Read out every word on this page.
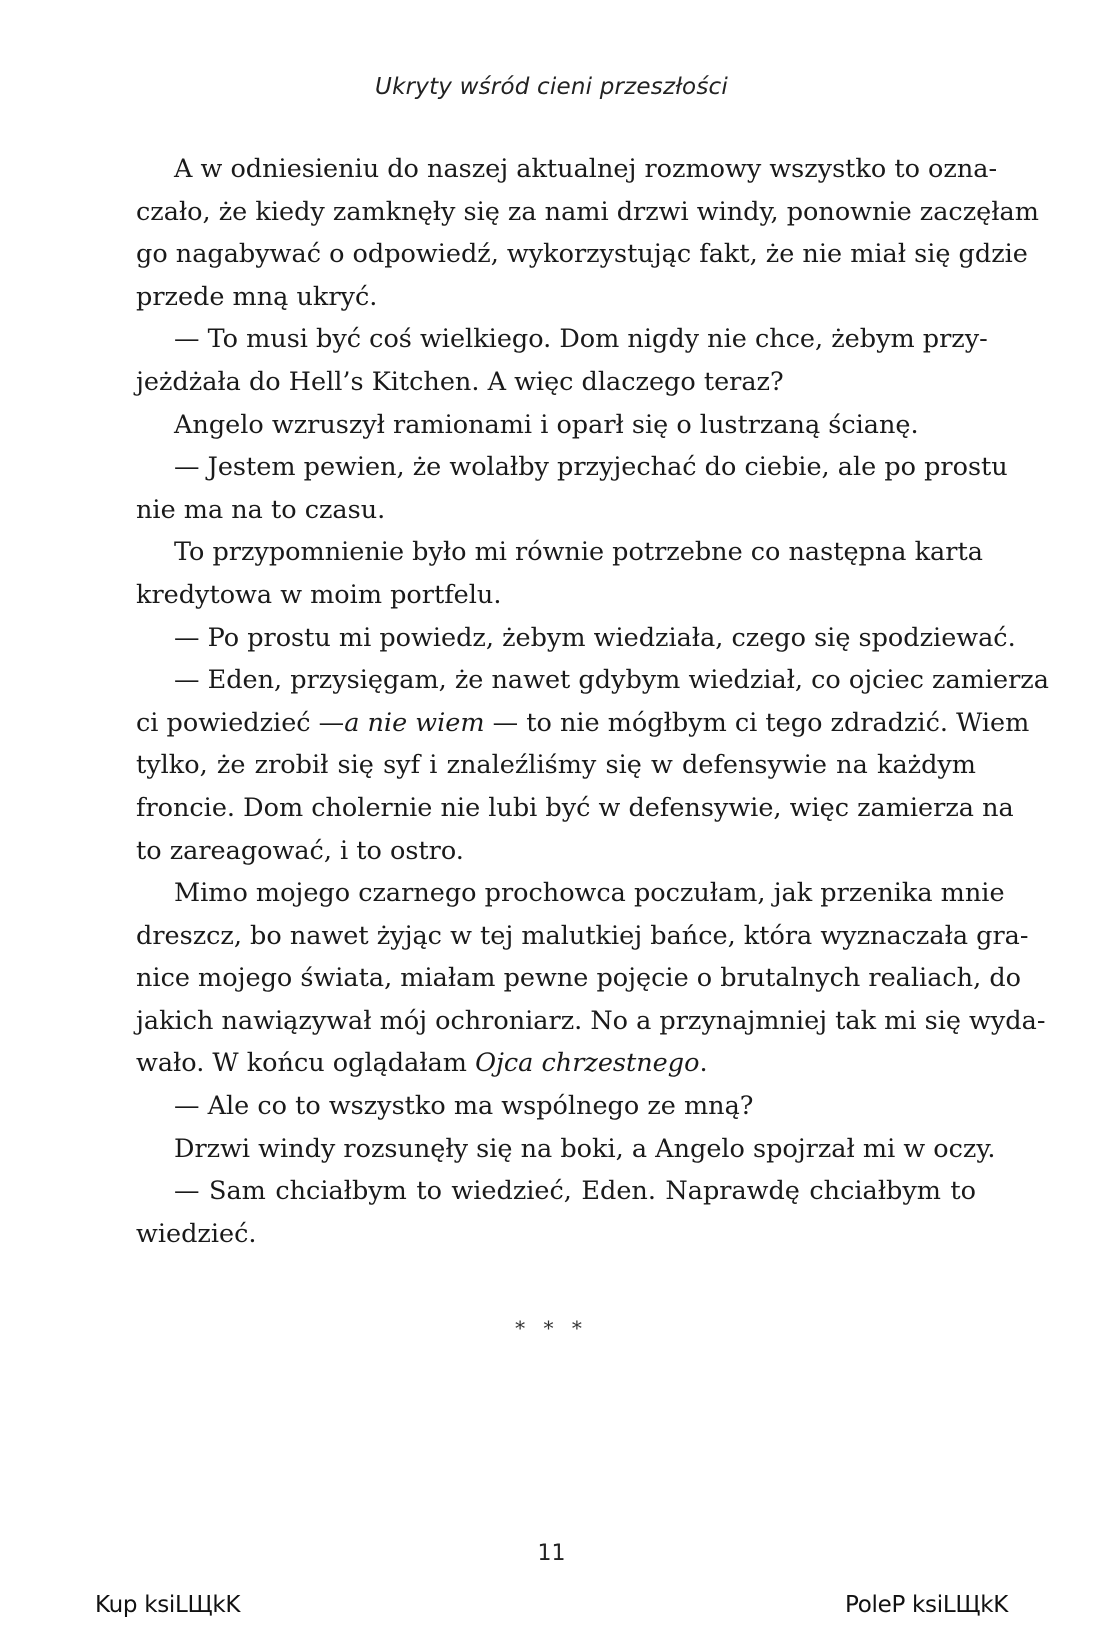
Ukryty wśród cieni przeszłości
A w odniesieniu do naszej aktualnej rozmowy wszystko to ozna-
czało, że kiedy zamknęły się za nami drzwi windy, ponownie zaczęłam
go nagabywać o odpowiedź, wykorzystując fakt, że nie miał się gdzie
przede mną ukryć.
— To musi być coś wielkiego. Dom nigdy nie chce, żebym przy-
jeżdżała do Hell’s Kitchen. A więc dlaczego teraz?
Angelo wzruszył ramionami i oparł się o lustrzaną ścianę.
— Jestem pewien, że wolałby przyjechać do ciebie, ale po prostu
nie ma na to czasu.
To przypomnienie było mi równie potrzebne co następna karta
kredytowa w moim portfelu.
— Po prostu mi powiedz, żebym wiedziała, czego się spodziewać.
— Eden, przysięgam, że nawet gdybym wiedział, co ojciec zamierza
ci powiedzieć —a nie wiem — to nie mógłbym ci tego zdradzić. Wiem
tylko, że zrobił się syf i znaleźliśmy się w defensywie na każdym
froncie. Dom cholernie nie lubi być w defensywie, więc zamierza na
to zareagować, i to ostro.
Mimo mojego czarnego prochowca poczułam, jak przenika mnie
dreszcz, bo nawet żyjąc w tej malutkiej bańce, która wyznaczała gra-
nice mojego świata, miałam pewne pojęcie o brutalnych realiach, do
jakich nawiązywał mój ochroniarz. No a przynajmniej tak mi się wyda-
wało. W końcu oglądałam Ojca chrzestnego.
— Ale co to wszystko ma wspólnego ze mną?
Drzwi windy rozsunęły się na boki, a Angelo spojrzał mi w oczy.
— Sam chciałbym to wiedzieć, Eden. Naprawdę chciałbym to
wiedzieć.
* * *
11
Kup ksiLЩkK	PoleP ksiLЩkK
